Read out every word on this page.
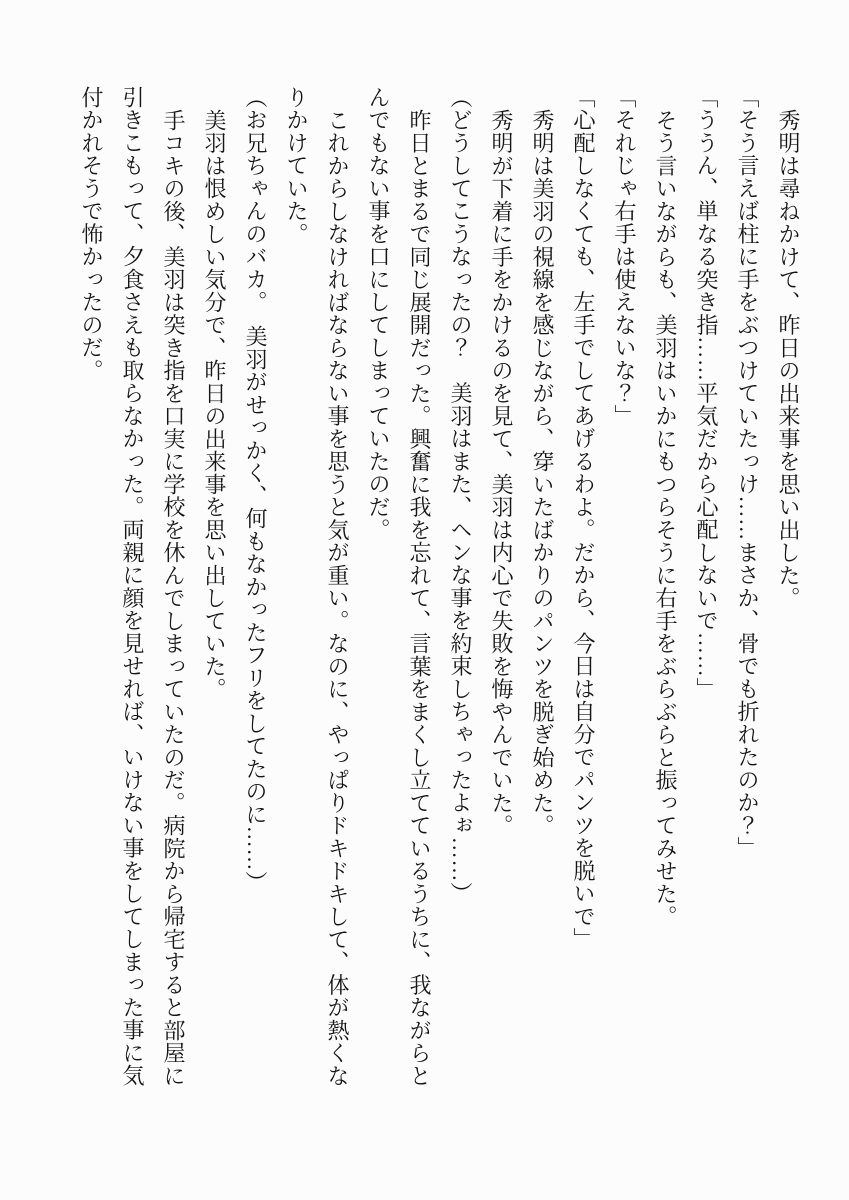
秀明は尋ねかけて、昨日の出来事を思い出した。

「そう言えば柱に手をぶつけていたっけ……まさか、骨でも折れたのか？」

「ううん、単なる突き指……平気だから心配しないで……」

そう言いながらも、美羽はいかにもつらそうに右手をぶらぶらと振ってみせた。

「それじゃ右手は使えないな？」

「心配しなくても、左手でしてあげるわよ。だから、今日は自分でパンツを脱いで」

秀明は美羽の視線を感じながら、穿いたばかりのパンツを脱ぎ始めた。

秀明が下着に手をかけるのを見て、美羽は内心で失敗を悔やんでいた。

（どうしてこうなったの？　美羽はまた、ヘンな事を約束しちゃったよぉ……）

昨日とまるで同じ展開だった。興奮に我を忘れて、言葉をまくし立てているうちに、我ながらとんでもない事を口にしてしまっていたのだ。

これからしなければならない事を思うと気が重い。なのに、やっぱりドキドキして、体が熱くなりかけていた。

（お兄ちゃんのバカ。　美羽がせっかく、何もなかったフリをしてたのに……）

美羽は恨めしい気分で、昨日の出来事を思い出していた。

手コキの後、美羽は突き指を口実に学校を休んでしまっていたのだ。病院から帰宅すると部屋に引きこもって、夕食さえも取らなかった。両親に顔を見せれば、いけない事をしてしまった事に気付かれそうで怖かったのだ。
